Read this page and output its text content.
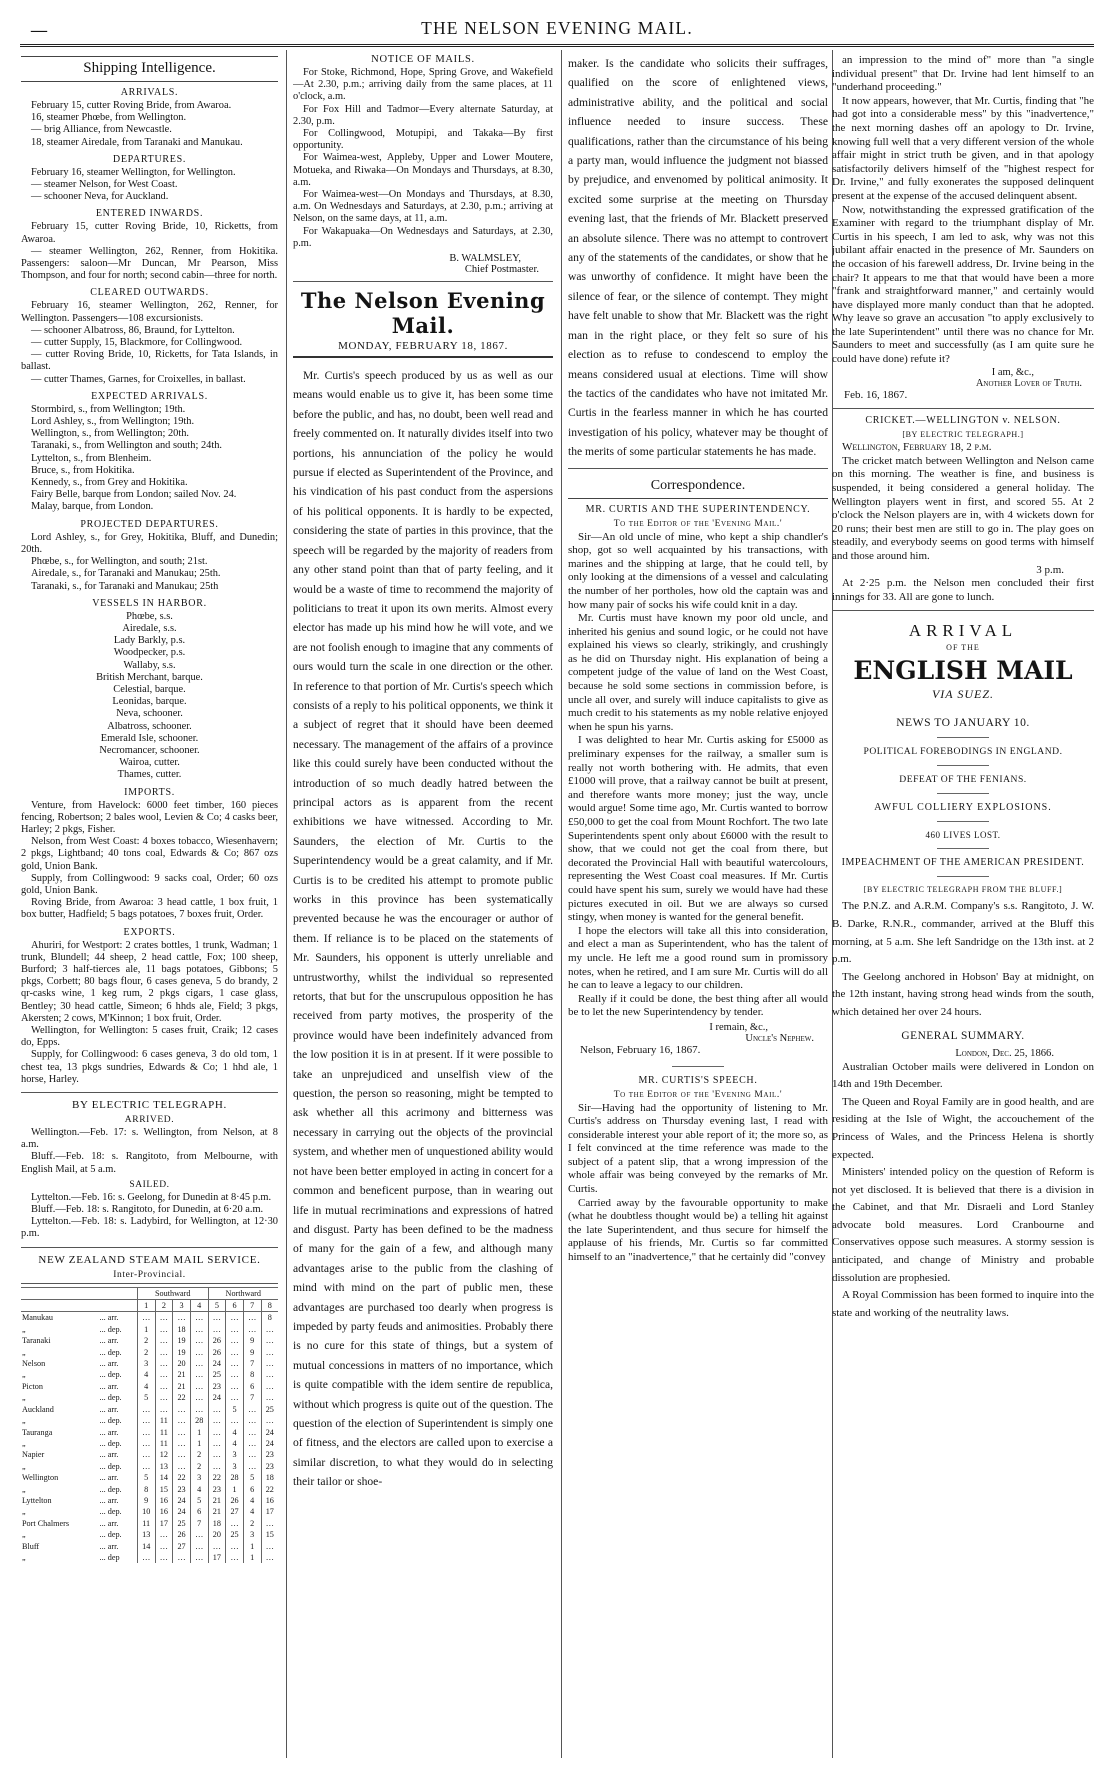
—	THE NELSON EVENING MAIL.
Shipping Intelligence.
ARRIVALS.

February 15, cutter Roving Bride, from Awaroa.

16, steamer Phœbe, from Wellington.

— brig Alliance, from Newcastle.

18, steamer Airedale, from Taranaki and Manukau.

DEPARTURES.

February 16, steamer Wellington, for Wellington.

— steamer Nelson, for West Coast.

— schooner Neva, for Auckland.

ENTERED INWARDS.

February 15, cutter Roving Bride, 10, Ricketts, from Awaroa.

— steamer Wellington, 262, Renner, from Hokitika. Passengers: saloon—Mr Duncan, Mr Pearson, Miss Thompson, and four for north; second cabin—three for north.

CLEARED OUTWARDS.

February 16, steamer Wellington, 262, Renner, for Wellington. Passengers—108 excursionists.

— schooner Albatross, 86, Braund, for Lyttelton.

— cutter Supply, 15, Blackmore, for Collingwood.

— cutter Roving Bride, 10, Ricketts, for Tata Islands, in ballast.

— cutter Thames, Garnes, for Croixelles, in ballast.

EXPECTED ARRIVALS.

Stormbird, s., from Wellington; 19th.

Lord Ashley, s., from Wellington; 19th.

Wellington, s., from Wellington; 20th.

Taranaki, s., from Wellington and south; 24th.

Lyttelton, s., from Blenheim.

Bruce, s., from Hokitika.

Kennedy, s., from Grey and Hokitika.

Fairy Belle, barque from London; sailed Nov. 24.

Malay, barque, from London.

PROJECTED DEPARTURES.

Lord Ashley, s., for Grey, Hokitika, Bluff, and Dunedin; 20th.

Phœbe, s., for Wellington, and south; 21st.

Airedale, s., for Taranaki and Manukau; 25th.

Taranaki, s., for Taranaki and Manukau; 25th

VESSELS IN HARBOR.
Phœbe, s.s.
Airedale, s.s.
Lady Barkly, p.s.
Woodpecker, p.s.
Wallaby, s.s.
British Merchant, barque.
Celestial, barque.
Leonidas, barque.
Neva, schooner.
Albatross, schooner.
Emerald Isle, schooner.
Necromancer, schooner.
Wairoa, cutter.
Thames, cutter.
IMPORTS.

Venture, from Havelock: 6000 feet timber, 160 pieces fencing, Robertson; 2 bales wool, Levien & Co; 4 casks beer, Harley; 2 pkgs, Fisher.

Nelson, from West Coast: 4 boxes tobacco, Wiesenhavern; 2 pkgs, Lightband; 40 tons coal, Edwards & Co; 867 ozs gold, Union Bank.

Supply, from Collingwood: 9 sacks coal, Order; 60 ozs gold, Union Bank.

Roving Bride, from Awaroa: 3 head cattle, 1 box fruit, 1 box butter, Hadfield; 5 bags potatoes, 7 boxes fruit, Order.

EXPORTS.

Ahuriri, for Westport: 2 crates bottles, 1 trunk, Wadman; 1 trunk, Blundell; 44 sheep, 2 head cattle, Fox; 100 sheep, Burford; 3 half-tierces ale, 11 bags potatoes, Gibbons; 5 pkgs, Corbett; 80 bags flour, 6 cases geneva, 5 do brandy, 2 qr-casks wine, 1 keg rum, 2 pkgs cigars, 1 case glass, Bentley; 30 head cattle, Simeon; 6 hhds ale, Field; 3 pkgs, Akersten; 2 cows, M'Kinnon; 1 box fruit, Order.

Wellington, for Wellington: 5 cases fruit, Craik; 12 cases do, Epps.

Supply, for Collingwood: 6 cases geneva, 3 do old tom, 1 chest tea, 13 pkgs sundries, Edwards & Co; 1 hhd ale, 1 horse, Harley.

BY ELECTRIC TELEGRAPH.
ARRIVED.

Wellington.—Feb. 17: s. Wellington, from Nelson, at 8 a.m.

Bluff.—Feb. 18: s. Rangitoto, from Melbourne, with English Mail, at 5 a.m.

SAILED.

Lyttelton.—Feb. 16: s. Geelong, for Dunedin at 8·45 p.m.

Bluff.—Feb. 18: s. Rangitoto, for Dunedin, at 6·20 a.m.

Lyttelton.—Feb. 18: s. Ladybird, for Wellington, at 12·30 p.m.

NEW ZEALAND STEAM MAIL SERVICE.
Inter-Provincial.
		Southward				Northward			
		1	2	3	4	5	6	7	8
Manukau	... arr.	…	…	…	…	…	…	…	8
„	... dep.	1	…	18	…	…	…	…	…
Taranaki	... arr.	2	…	19	…	26	…	9	…
„	... dep.	2	…	19	…	26	…	9	…
Nelson	... arr.	3	…	20	…	24	…	7	…
„	... dep.	4	…	21	…	25	…	8	…
Picton	... arr.	4	…	21	…	23	…	6	…
„	... dep.	5	…	22	…	24	…	7	…
Auckland	... arr.	…	…	…	…	…	5	…	25
„	... dep.	…	11	…	28	…	…	…	…
Tauranga	... arr.	…	11	…	1	…	4	…	24
„	... dep.	…	11	…	1	…	4	…	24
Napier	... arr.	…	12	…	2	…	3	…	23
„	... dep.	…	13	…	2	…	3	…	23
Wellington	... arr.	5	14	22	3	22	28	5	18
„	... dep.	8	15	23	4	23	1	6	22
Lyttelton	... arr.	9	16	24	5	21	26	4	16
„	... dep.	10	16	24	6	21	27	4	17
Port Chalmers	... arr.	11	17	25	7	18	…	2	…
„	... dep.	13	…	26	…	20	25	3	15
Bluff	... arr.	14	…	27	…	…	…	1	…
„	... dep	…	…	…	…	17	…	1	…
NOTICE OF MAILS.

For Stoke, Richmond, Hope, Spring Grove, and Wakefield—At 2.30, p.m.; arriving daily from the same places, at 11 o'clock, a.m.

For Fox Hill and Tadmor—Every alternate Saturday, at 2.30, p.m.

For Collingwood, Motupipi, and Takaka—By first opportunity.

For Waimea-west, Appleby, Upper and Lower Moutere, Motueka, and Riwaka—On Mondays and Thursdays, at 8.30, a.m.

For Waimea-west—On Mondays and Thursdays, at 8.30, a.m. On Wednesdays and Saturdays, at 2.30, p.m.; arriving at Nelson, on the same days, at 11, a.m.

For Wakapuaka—On Wednesdays and Saturdays, at 2.30, p.m.

B. WALMSLEY,
Chief Postmaster.
The Nelson Evening Mail.
MONDAY, FEBRUARY 18, 1867.

Mr. Curtis's speech produced by us as well as our means would enable us to give it, has been some time before the public, and has, no doubt, been well read and freely commented on. It naturally divides itself into two portions, his annunciation of the policy he would pursue if elected as Superintendent of the Province, and his vindication of his past conduct from the aspersions of his political opponents. It is hardly to be expected, considering the state of parties in this province, that the speech will be regarded by the majority of readers from any other stand point than that of party feeling, and it would be a waste of time to recommend the majority of politicians to treat it upon its own merits. Almost every elector has made up his mind how he will vote, and we are not foolish enough to imagine that any comments of ours would turn the scale in one direction or the other. In reference to that portion of Mr. Curtis's speech which consists of a reply to his political opponents, we think it a subject of regret that it should have been deemed necessary. The management of the affairs of a province like this could surely have been conducted without the introduction of so much deadly hatred between the principal actors as is apparent from the recent exhibitions we have witnessed. According to Mr. Saunders, the election of Mr. Curtis to the Superintendency would be a great calamity, and if Mr. Curtis is to be credited his attempt to promote public works in this province has been systematically prevented because he was the encourager or author of them. If reliance is to be placed on the statements of Mr. Saunders, his opponent is utterly unreliable and untrustworthy, whilst the individual so represented retorts, that but for the unscrupulous opposition he has received from party motives, the prosperity of the province would have been indefinitely advanced from the low position it is in at present. If it were possible to take an unprejudiced and unselfish view of the question, the person so reasoning, might be tempted to ask whether all this acrimony and bitterness was necessary in carrying out the objects of the provincial system, and whether men of unquestioned ability would not have been better employed in acting in concert for a common and beneficent purpose, than in wearing out life in mutual recriminations and expressions of hatred and disgust. Party has been defined to be the madness of many for the gain of a few, and although many advantages arise to the public from the clashing of mind with mind on the part of public men, these advantages are purchased too dearly when progress is impeded by party feuds and animosities. Probably there is no cure for this state of things, but a system of mutual concessions in matters of no importance, which is quite compatible with the idem sentire de republica, without which progress is quite out of the question. The question of the election of Superintendent is simply one of fitness, and the electors are called upon to exercise a similar discretion, to what they would do in selecting their tailor or shoe-

maker. Is the candidate who solicits their suffrages, qualified on the score of enlightened views, administrative ability, and the political and social influence needed to insure success. These qualifications, rather than the circumstance of his being a party man, would influence the judgment not biassed by prejudice, and envenomed by political animosity. It excited some surprise at the meeting on Thursday evening last, that the friends of Mr. Blackett preserved an absolute silence. There was no attempt to controvert any of the statements of the candidates, or show that he was unworthy of confidence. It might have been the silence of fear, or the silence of contempt. They might have felt unable to show that Mr. Blackett was the right man in the right place, or they felt so sure of his election as to refuse to condescend to employ the means considered usual at elections. Time will show the tactics of the candidates who have not imitated Mr. Curtis in the fearless manner in which he has courted investigation of his policy, whatever may be thought of the merits of some particular statements he has made.

Correspondence.
MR. CURTIS AND THE SUPERINTENDENCY.
To the Editor of the 'Evening Mail.'

Sir—An old uncle of mine, who kept a ship chandler's shop, got so well acquainted by his transactions, with marines and the shipping at large, that he could tell, by only looking at the dimensions of a vessel and calculating the number of her portholes, how old the captain was and how many pair of socks his wife could knit in a day.

Mr. Curtis must have known my poor old uncle, and inherited his genius and sound logic, or he could not have explained his views so clearly, strikingly, and crushingly as he did on Thursday night. His explanation of being a competent judge of the value of land on the West Coast, because he sold some sections in commission before, is uncle all over, and surely will induce capitalists to give as much credit to his statements as my noble relative enjoyed when he spun his yarns.

I was delighted to hear Mr. Curtis asking for £5000 as preliminary expenses for the railway, a smaller sum is really not worth bothering with. He admits, that even £1000 will prove, that a railway cannot be built at present, and therefore wants more money; just the way, uncle would argue! Some time ago, Mr. Curtis wanted to borrow £50,000 to get the coal from Mount Rochfort. The two late Superintendents spent only about £6000 with the result to show, that we could not get the coal from there, but decorated the Provincial Hall with beautiful watercolours, representing the West Coast coal measures. If Mr. Curtis could have spent his sum, surely we would have had these pictures executed in oil. But we are always so cursed stingy, when money is wanted for the general benefit.

I hope the electors will take all this into consideration, and elect a man as Superintendent, who has the talent of my uncle. He left me a good round sum in promissory notes, when he retired, and I am sure Mr. Curtis will do all he can to leave a legacy to our children.

Really if it could be done, the best thing after all would be to let the new Superintendency by tender.

I remain, &c.,
Uncle's Nephew.
Nelson, February 16, 1867.
MR. CURTIS'S SPEECH.
To the Editor of the 'Evening Mail.'

Sir—Having had the opportunity of listening to Mr. Curtis's address on Thursday evening last, I read with considerable interest your able report of it; the more so, as I felt convinced at the time reference was made to the subject of a patent slip, that a wrong impression of the whole affair was being conveyed by the remarks of Mr. Curtis.

Carried away by the favourable opportunity to make (what he doubtless thought would be) a telling hit against the late Superintendent, and thus secure for himself the applause of his friends, Mr. Curtis so far committed himself to an "inadvertence," that he certainly did "convey

an impression to the mind of" more than "a single individual present" that Dr. Irvine had lent himself to an "underhand proceeding."

It now appears, however, that Mr. Curtis, finding that "he had got into a considerable mess" by this "inadvertence," the next morning dashes off an apology to Dr. Irvine, knowing full well that a very different version of the whole affair might in strict truth be given, and in that apology satisfactorily delivers himself of the "highest respect for Dr. Irvine," and fully exonerates the supposed delinquent present at the expense of the accused delinquent absent.

Now, notwithstanding the expressed gratification of the Examiner with regard to the triumphant display of Mr. Curtis in his speech, I am led to ask, why was not this jubilant affair enacted in the presence of Mr. Saunders on the occasion of his farewell address, Dr. Irvine being in the chair? It appears to me that that would have been a more "frank and straightforward manner," and certainly would have displayed more manly conduct than that he adopted. Why leave so grave an accusation "to apply exclusively to the late Superintendent" until there was no chance for Mr. Saunders to meet and successfully (as I am quite sure he could have done) refute it?

I am, &c.,
Another Lover of Truth.
Feb. 16, 1867.
CRICKET.—WELLINGTON v. NELSON.
[BY ELECTRIC TELEGRAPH.]

Wellington, February 18, 2 p.m.

The cricket match between Wellington and Nelson came on this morning. The weather is fine, and business is suspended, it being considered a general holiday. The Wellington players went in first, and scored 55. At 2 o'clock the Nelson players are in, with 4 wickets down for 20 runs; their best men are still to go in. The play goes on steadily, and everybody seems on good terms with himself and those around him.

3 p.m.

At 2·25 p.m. the Nelson men concluded their first innings for 33. All are gone to lunch.

ARRIVAL
OF THE
ENGLISH MAIL
VIA SUEZ.
NEWS TO JANUARY 10.
POLITICAL FOREBODINGS IN ENGLAND.
DEFEAT OF THE FENIANS.
AWFUL COLLIERY EXPLOSIONS.
460 LIVES LOST.
IMPEACHMENT OF THE AMERICAN PRESIDENT.
[BY ELECTRIC TELEGRAPH FROM THE BLUFF.]

The P.N.Z. and A.R.M. Company's s.s. Rangitoto, J. W. B. Darke, R.N.R., commander, arrived at the Bluff this morning, at 5 a.m. She left Sandridge on the 13th inst. at 2 p.m.

The Geelong anchored in Hobson' Bay at midnight, on the 12th instant, having strong head winds from the south, which detained her over 24 hours.

GENERAL SUMMARY.
London, Dec. 25, 1866.

Australian October mails were delivered in London on 14th and 19th December.

The Queen and Royal Family are in good health, and are residing at the Isle of Wight, the accouchement of the Princess of Wales, and the Princess Helena is shortly expected.

Ministers' intended policy on the question of Reform is not yet disclosed. It is believed that there is a division in the Cabinet, and that Mr. Disraeli and Lord Stanley advocate bold measures. Lord Cranbourne and Conservatives oppose such measures. A stormy session is anticipated, and change of Ministry and probable dissolution are prophesied.

A Royal Commission has been formed to inquire into the state and working of the neutrality laws.
